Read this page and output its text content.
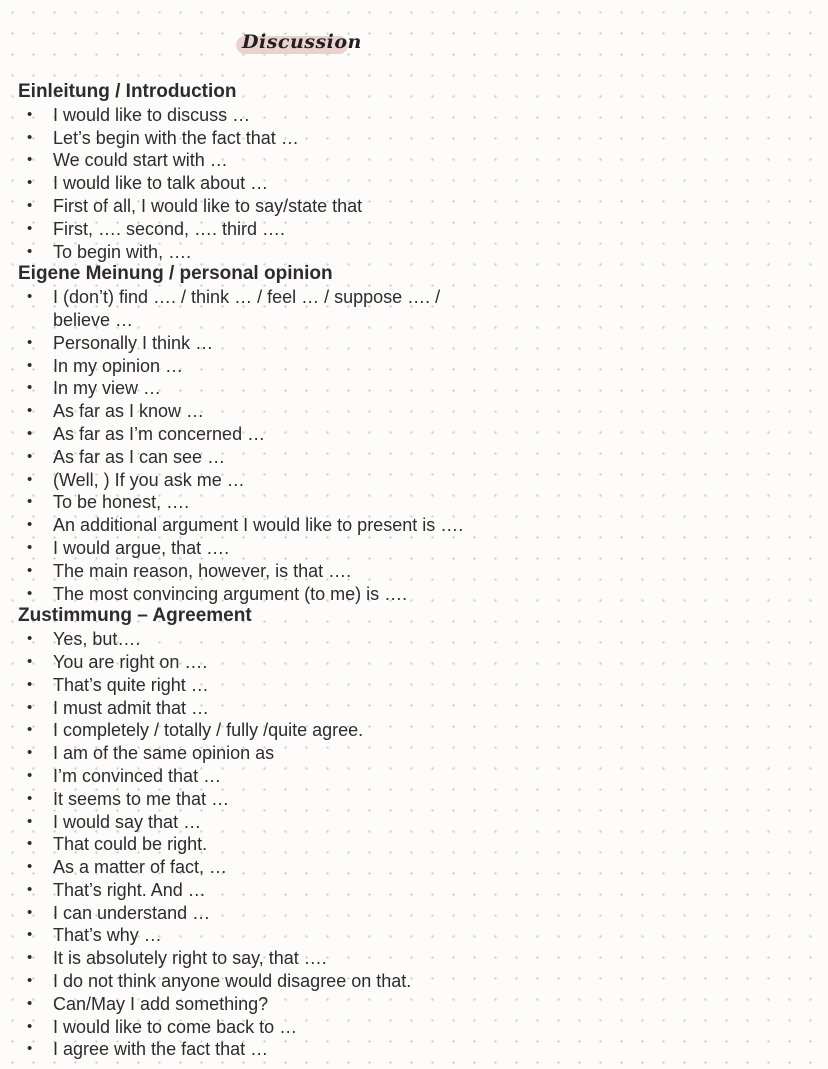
Discussion
Einleitung / Introduction
• I would like to discuss …
• Let’s begin with the fact that …
• We could start with …
• I would like to talk about …
• First of all, I would like to say/state that
• First, …. second, …. third ….
• To begin with, ….
Eigene Meinung / personal opinion
• I (don’t) find …. / think … / feel … / suppose …. / believe …
• Personally I think …
• In my opinion …
• In my view …
• As far as I know …
• As far as I’m concerned …
• As far as I can see …
• (Well, ) If you ask me …
• To be honest, ….
• An additional argument I would like to present is ….
• I would argue, that ….
• The main reason, however, is that ….
• The most convincing argument (to me) is ….
Zustimmung – Agreement
• Yes, but….
• You are right on ….
• That’s quite right …
• I must admit that …
• I completely / totally / fully /quite agree.
• I am of the same opinion as
• I’m convinced that …
• It seems to me that …
• I would say that …
• That could be right.
• As a matter of fact, …
• That’s right. And …
• I can understand …
• That’s why …
• It is absolutely right to say, that ….
• I do not think anyone would disagree on that.
• Can/May I add something?
• I would like to come back to …
• I agree with the fact that …
